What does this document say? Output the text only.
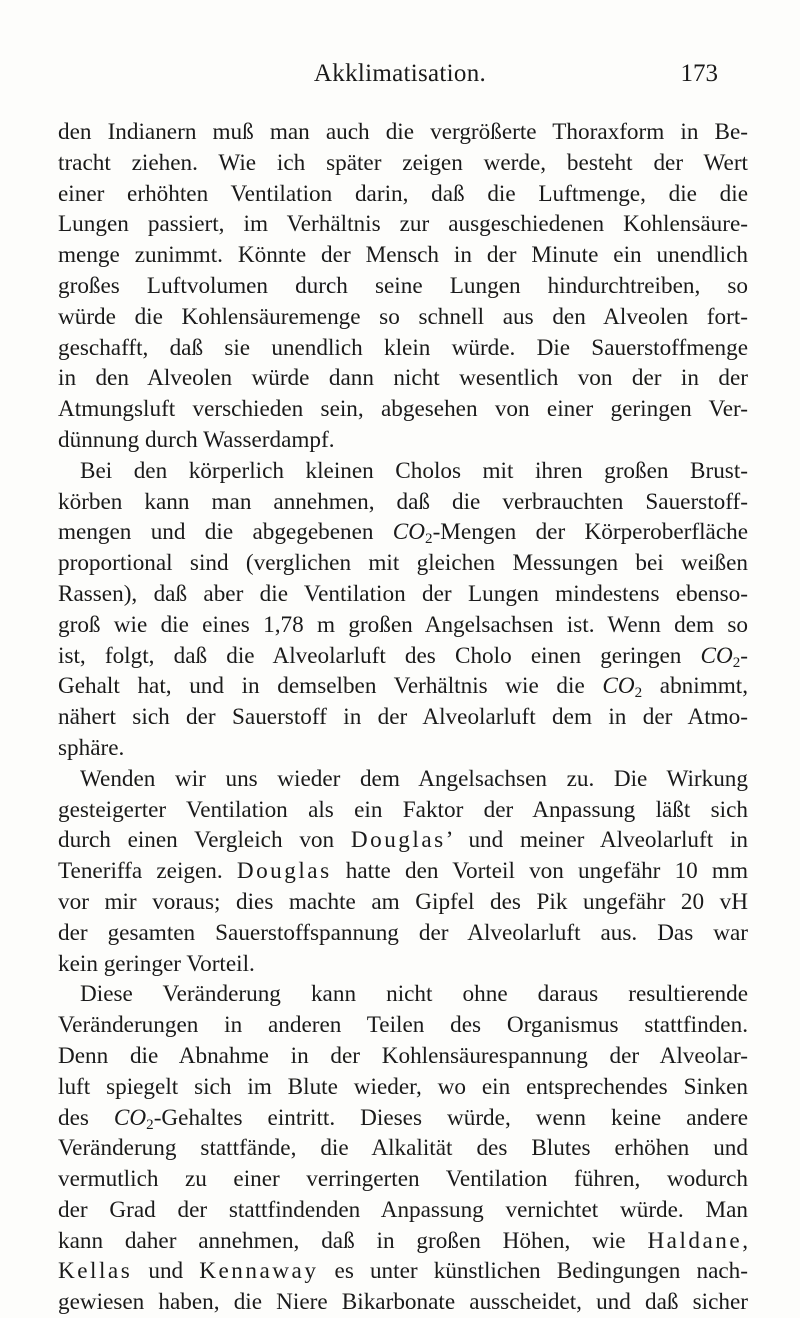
Akklimatisation.	173
den Indianern muß man auch die vergrößerte Thoraxform in Be-
tracht ziehen. Wie ich später zeigen werde, besteht der Wert
einer erhöhten Ventilation darin, daß die Luftmenge, die die
Lungen passiert, im Verhältnis zur ausgeschiedenen Kohlensäure-
menge zunimmt. Könnte der Mensch in der Minute ein unendlich
großes Luftvolumen durch seine Lungen hindurchtreiben, so
würde die Kohlensäuremenge so schnell aus den Alveolen fort-
geschafft, daß sie unendlich klein würde. Die Sauerstoffmenge
in den Alveolen würde dann nicht wesentlich von der in der
Atmungsluft verschieden sein, abgesehen von einer geringen Ver-
dünnung durch Wasserdampf.
Bei den körperlich kleinen Cholos mit ihren großen Brust-
körben kann man annehmen, daß die verbrauchten Sauerstoff-
mengen und die abgegebenen $CO_2$-Mengen der Körperoberfläche
proportional sind (verglichen mit gleichen Messungen bei weißen
Rassen), daß aber die Ventilation der Lungen mindestens ebenso-
groß wie die eines 1,78 m großen Angelsachsen ist. Wenn dem so
ist, folgt, daß die Alveolarluft des Cholo einen geringen $CO_2-$
Gehalt hat, und in demselben Verhältnis wie die $CO_2$ abnimmt,
nähert sich der Sauerstoff in der Alveolarluft dem in der Atmo-
sphäre.
Wenden wir uns wieder dem Angelsachsen zu. Die Wirkung
gesteigerter Ventilation als ein Faktor der Anpassung läßt sich
durch einen Vergleich von Douglas’ und meiner Alveolarluft in
Teneriffa zeigen. Douglas hatte den Vorteil von ungefähr 10 mm
vor mir voraus; dies machte am Gipfel des Pik ungefähr 20 vH
der gesamten Sauerstoffspannung der Alveolarluft aus. Das war
kein geringer Vorteil.
Diese Veränderung kann nicht ohne daraus resultierende
Veränderungen in anderen Teilen des Organismus stattfinden.
Denn die Abnahme in der Kohlensäurespannung der Alveolar-
luft spiegelt sich im Blute wieder, wo ein entsprechendes Sinken
des $CO_2$-Gehaltes eintritt. Dieses würde, wenn keine andere
Veränderung stattfände, die Alkalität des Blutes erhöhen und
vermutlich zu einer verringerten Ventilation führen, wodurch
der Grad der stattfindenden Anpassung vernichtet würde. Man
kann daher annehmen, daß in großen Höhen, wie Haldane,
Kellas und Kennaway es unter künstlichen Bedingungen nach-
gewiesen haben, die Niere Bikarbonate ausscheidet, und daß sicher
